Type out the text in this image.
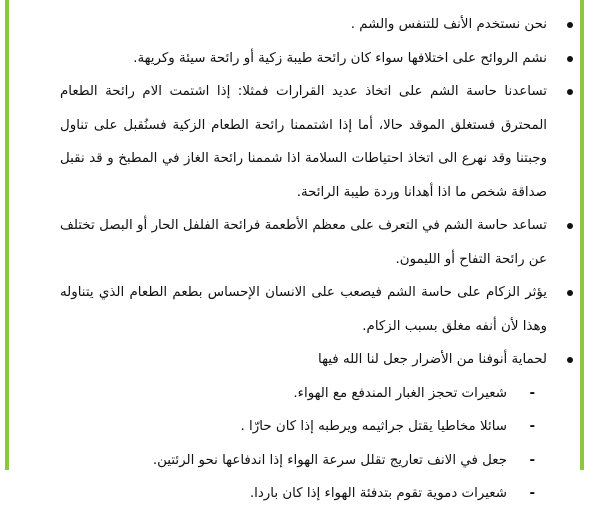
نحن نستخدم الأنف للتنفس والشم .
نشم الروائح على اختلافها سواء كان رائحة طيبة زكية أو رائحة سيئة وكريهة.
تساعدنا حاسة الشم على اتخاذ عديد القرارات فمثلا: إذا اشتمت الام رائحة الطعام المحترق فستغلق الموقد حالا، أما إذا اشتممنا رائحة الطعام الزكية فسنُقبل على تناول وجبتنا وقد نهرع الى اتخاذ احتياطات السلامة اذا شممنا رائحة الغاز في المطبخ و قد نقبل صداقة شخص ما اذا أهدانا وردة طيبة الرائحة.
تساعد حاسة الشم في التعرف على معظم الأطعمة فرائحة الفلفل الحار أو البصل تختلف عن رائحة التفاح أو الليمون.
يؤثر الزكام على حاسة الشم فيصعب على الانسان الإحساس بطعم الطعام الذي يتناوله وهذا لأن أنفه مغلق بسبب الزكام.
لحماية أنوفنا من الأضرار جعل لنا الله فيها
-
شعيرات تحجز الغبار المندفع مع الهواء.
-
سائلا مخاطيا يقتل جراثيمه ويرطبه إذا كان حارّا .
-
جعل في الانف تعاريج تقلل سرعة الهواء إذا اندفاعها نحو الرئتين.
-
شعيرات دموية تقوم بتدفئة الهواء إذا كان باردا.
